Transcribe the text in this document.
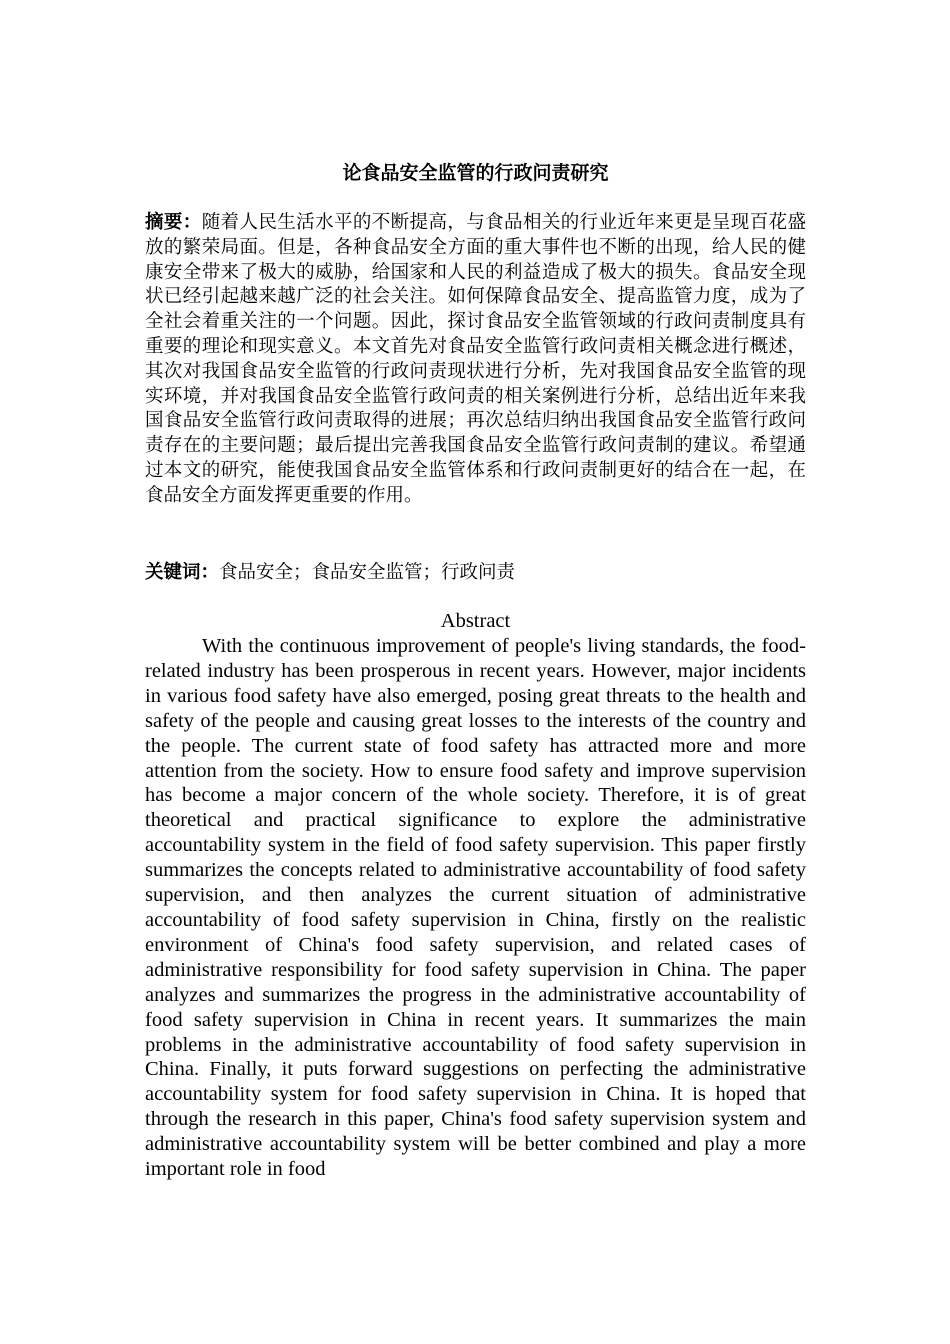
论食品安全监管的行政问责研究

摘要：随着人民生活水平的不断提高，与食品相关的行业近年来更是呈现百花盛放的繁荣局面。但是，各种食品安全方面的重大事件也不断的出现，给人民的健康安全带来了极大的威胁，给国家和人民的利益造成了极大的损失。食品安全现状已经引起越来越广泛的社会关注。如何保障食品安全、提高监管力度，成为了全社会着重关注的一个问题。因此，探讨食品安全监管领域的行政问责制度具有重要的理论和现实意义。本文首先对食品安全监管行政问责相关概念进行概述，其次对我国食品安全监管的行政问责现状进行分析，先对我国食品安全监管的现实环境，并对我国食品安全监管行政问责的相关案例进行分析，总结出近年来我国食品安全监管行政问责取得的进展；再次总结归纳出我国食品安全监管行政问责存在的主要问题；最后提出完善我国食品安全监管行政问责制的建议。希望通过本文的研究，能使我国食品安全监管体系和行政问责制更好的结合在一起，在食品安全方面发挥更重要的作用。

关键词：食品安全；食品安全监管；行政问责

Abstract

With the continuous improvement of people's living standards, the food-related industry has been prosperous in recent years. However, major incidents in various food safety have also emerged, posing great threats to the health and safety of the people and causing great losses to the interests of the country and the people. The current state of food safety has attracted more and more attention from the society. How to ensure food safety and improve supervision has become a major concern of the whole society. Therefore, it is of great theoretical and practical significance to explore the administrative accountability system in the field of food safety supervision. This paper firstly summarizes the concepts related to administrative accountability of food safety supervision, and then analyzes the current situation of administrative accountability of food safety supervision in China, firstly on the realistic environment of China's food safety supervision, and related cases of administrative responsibility for food safety supervision in China. The paper analyzes and summarizes the progress in the administrative accountability of food safety supervision in China in recent years. It summarizes the main problems in the administrative accountability of food safety supervision in China. Finally, it puts forward suggestions on perfecting the administrative accountability system for food safety supervision in China. It is hoped that through the research in this paper, China's food safety supervision system and administrative accountability system will be better combined and play a more important role in food
